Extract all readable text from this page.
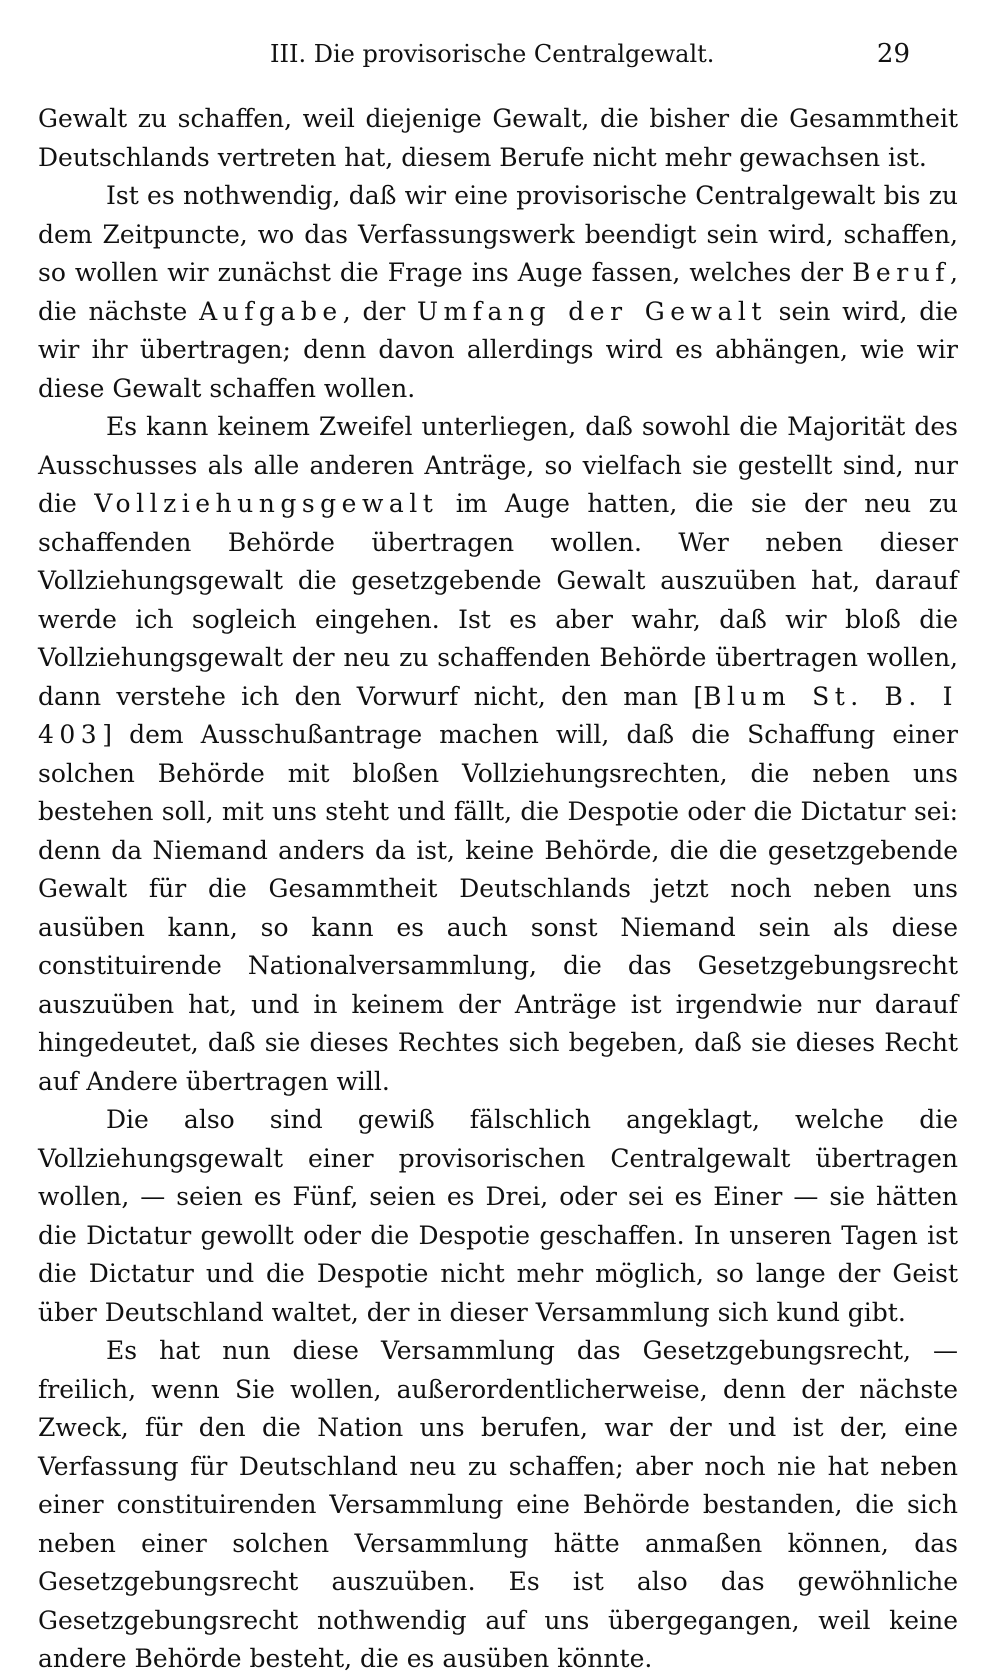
III. Die provisorische Centralgewalt.	29

Gewalt zu schaffen, weil diejenige Gewalt, die bisher die Gesammtheit Deutschlands vertreten hat, diesem Berufe nicht mehr gewachsen ist.

Ist es nothwendig, daß wir eine provisorische Centralgewalt bis zu dem Zeitpuncte, wo das Verfassungswerk beendigt sein wird, schaffen, so wollen wir zunächst die Frage ins Auge fassen, welches der Beruf, die nächste Aufgabe, der Umfang der Gewalt sein wird, die wir ihr übertragen; denn davon allerdings wird es abhängen, wie wir diese Gewalt schaffen wollen.

Es kann keinem Zweifel unterliegen, daß sowohl die Majorität des Ausschusses als alle anderen Anträge, so vielfach sie gestellt sind, nur die Vollziehungsgewalt im Auge hatten, die sie der neu zu schaffenden Behörde übertragen wollen. Wer neben dieser Vollziehungsgewalt die gesetzgebende Gewalt auszuüben hat, darauf werde ich sogleich eingehen. Ist es aber wahr, daß wir bloß die Vollziehungsgewalt der neu zu schaffenden Behörde übertragen wollen, dann verstehe ich den Vorwurf nicht, den man [Blum St. B. I 403] dem Ausschußantrage machen will, daß die Schaffung einer solchen Behörde mit bloßen Vollziehungsrechten, die neben uns bestehen soll, mit uns steht und fällt, die Despotie oder die Dictatur sei: denn da Niemand anders da ist, keine Behörde, die die gesetzgebende Gewalt für die Gesammtheit Deutschlands jetzt noch neben uns ausüben kann, so kann es auch sonst Niemand sein als diese constituirende Nationalversammlung, die das Gesetzgebungsrecht auszuüben hat, und in keinem der Anträge ist irgendwie nur darauf hingedeutet, daß sie dieses Rechtes sich begeben, daß sie dieses Recht auf Andere übertragen will.

Die also sind gewiß fälschlich angeklagt, welche die Vollziehungsgewalt einer provisorischen Centralgewalt übertragen wollen, — seien es Fünf, seien es Drei, oder sei es Einer — sie hätten die Dictatur gewollt oder die Despotie geschaffen. In unseren Tagen ist die Dictatur und die Despotie nicht mehr möglich, so lange der Geist über Deutschland waltet, der in dieser Versammlung sich kund gibt.

Es hat nun diese Versammlung das Gesetzgebungsrecht, — freilich, wenn Sie wollen, außerordentlicherweise, denn der nächste Zweck, für den die Nation uns berufen, war der und ist der, eine Verfassung für Deutschland neu zu schaffen; aber noch nie hat neben einer constituirenden Versammlung eine Behörde bestanden, die sich neben einer solchen Versammlung hätte anmaßen können, das Gesetzgebungsrecht auszuüben. Es ist also das gewöhnliche Gesetzgebungsrecht nothwendig auf uns übergegangen, weil keine andere Behörde besteht, die es ausüben könnte.
